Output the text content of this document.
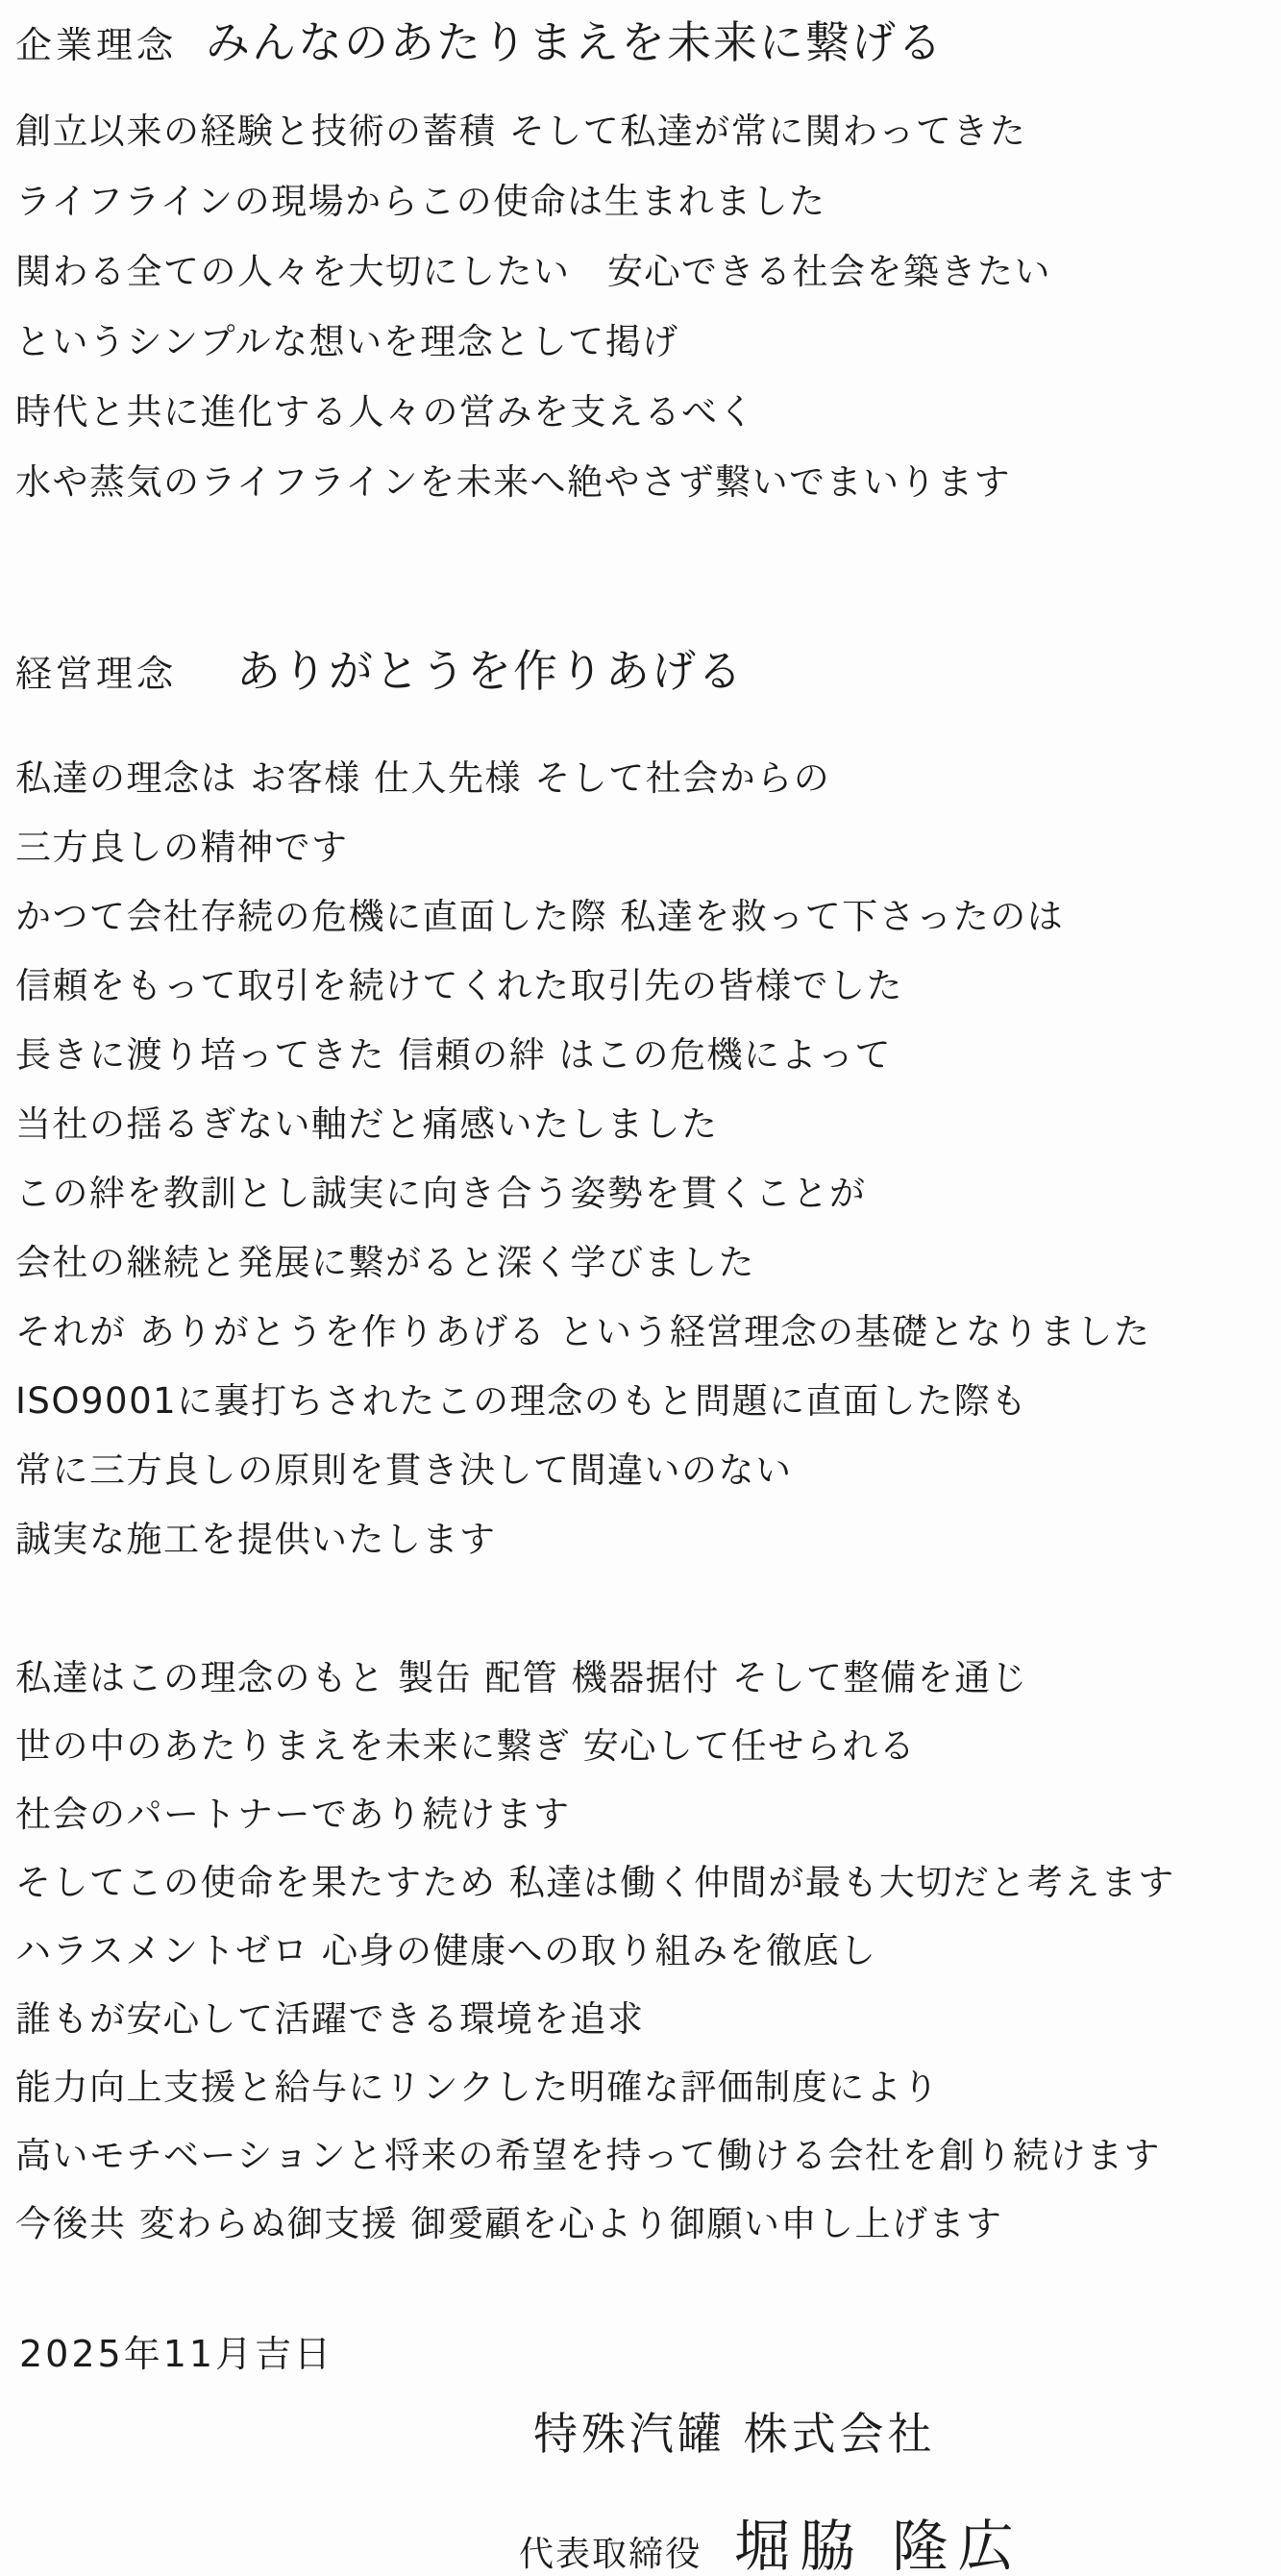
企業理念 みんなのあたりまえを未来に繋げる
創立以来の経験と技術の蓄積 そして私達が常に関わってきた
ライフラインの現場からこの使命は生まれました
関わる全ての人々を大切にしたい　安心できる社会を築きたい
というシンプルな想いを理念として掲げ
時代と共に進化する人々の営みを支えるべく
水や蒸気のライフラインを未来へ絶やさず繋いでまいります
経営理念 ありがとうを作りあげる
私達の理念は お客様 仕入先様 そして社会からの
三方良しの精神です
かつて会社存続の危機に直面した際 私達を救って下さったのは
信頼をもって取引を続けてくれた取引先の皆様でした
長きに渡り培ってきた 信頼の絆 はこの危機によって
当社の揺るぎない軸だと痛感いたしました
この絆を教訓とし誠実に向き合う姿勢を貫くことが
会社の継続と発展に繋がると深く学びました
それが ありがとうを作りあげる という経営理念の基礎となりました
ISO9001に裏打ちされたこの理念のもと問題に直面した際も
常に三方良しの原則を貫き決して間違いのない
誠実な施工を提供いたします
私達はこの理念のもと 製缶 配管 機器据付 そして整備を通じ
世の中のあたりまえを未来に繋ぎ 安心して任せられる
社会のパートナーであり続けます
そしてこの使命を果たすため 私達は働く仲間が最も大切だと考えます
ハラスメントゼロ 心身の健康への取り組みを徹底し
誰もが安心して活躍できる環境を追求
能力向上支援と給与にリンクした明確な評価制度により
高いモチベーションと将来の希望を持って働ける会社を創り続けます
今後共 変わらぬ御支援 御愛顧を心より御願い申し上げます
2025年11月吉日
特殊汽罐 株式会社
代表取締役 堀脇 隆広
